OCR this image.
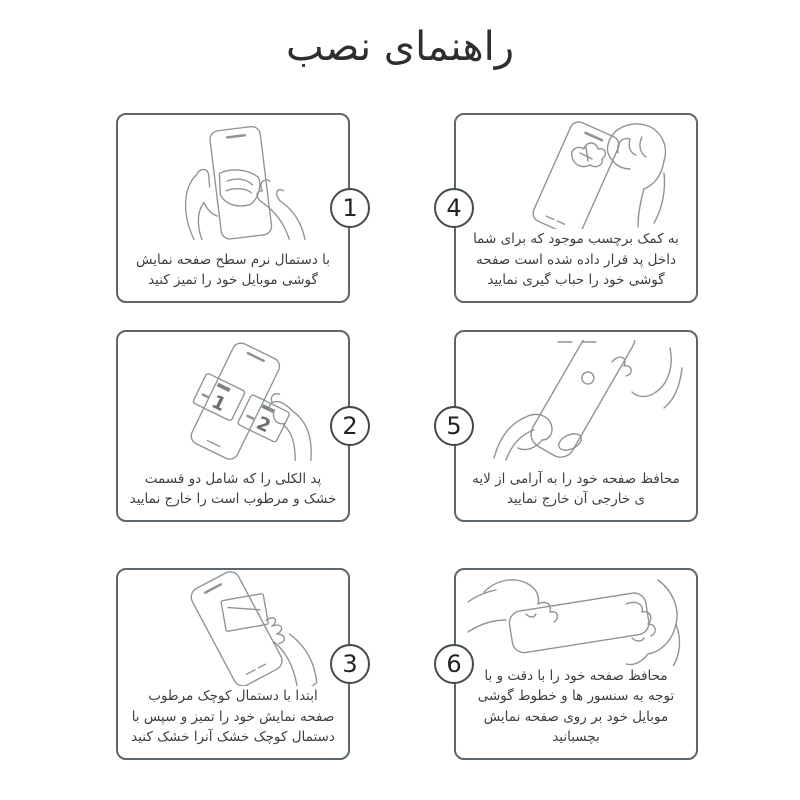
راهنمای نصب
1
با دستمال نرم سطح صفحه نمایش گوشی موبایل خود را تمیز کنید
4
به کمک برچسب موجود که برای شما داخل پد قرار داده شده است صفحه گوشی خود را حباب گیری نمایید
2
1
2
پد الکلی را که شامل دو قسمت خشک و مرطوب است را خارج نمایید
5
محافظ صفحه خود را به آرامی از لایه ی خارجی آن خارج نمایید
3
ابتدا با دستمال کوچک مرطوب صفحه نمایش خود را تمیز و سپس با دستمال کوچک خشک آنرا خشک کنید
6	محافظ صفحه خود را با دقت و با توجه به سنسور ها و خطوط گوشی موبایل خود بر روی صفحه نمایش بچسبانید
